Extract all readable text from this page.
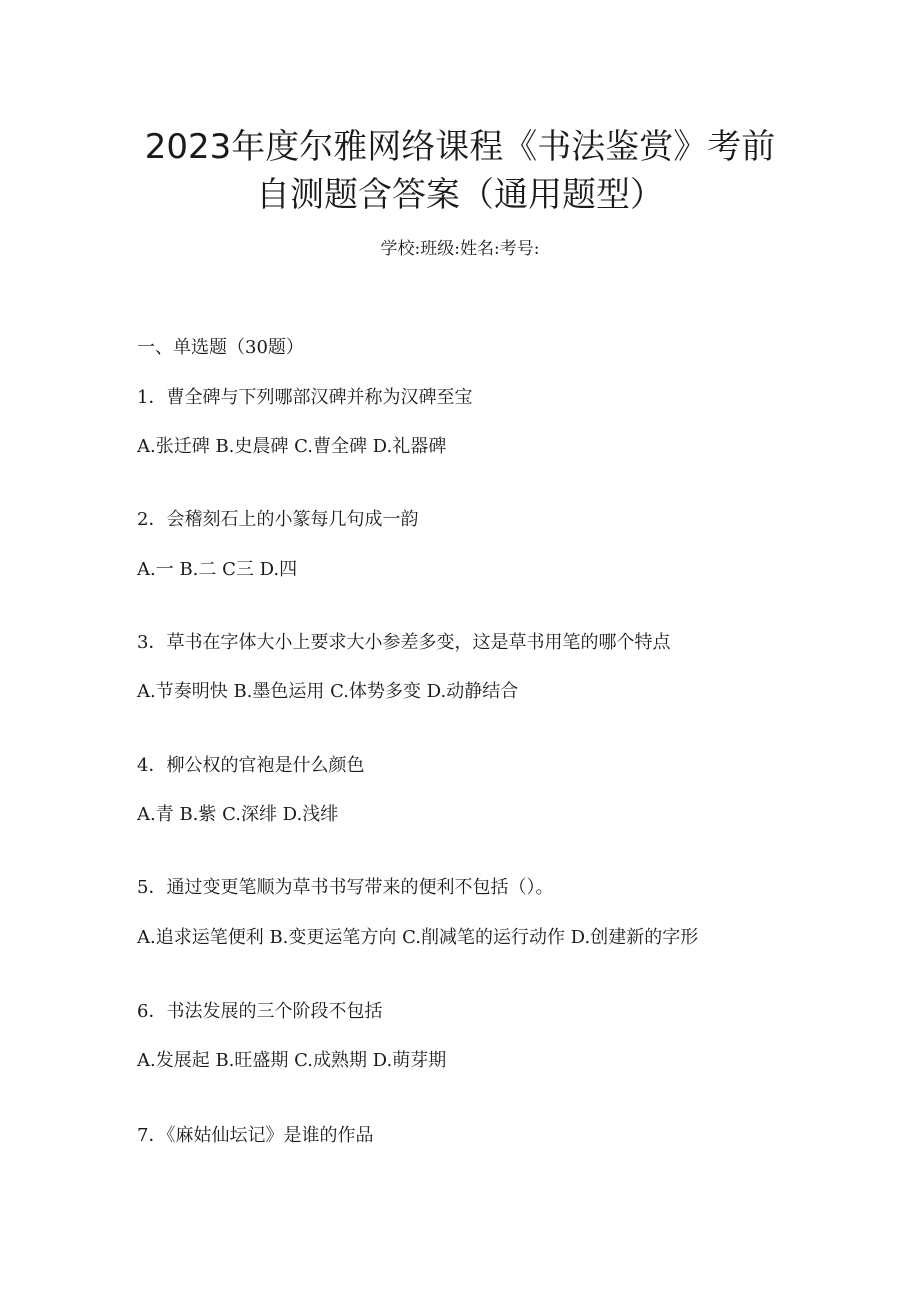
2023年度尔雅网络课程《书法鉴赏》考前
自测题含答案（通用题型）
学校:班级:姓名:考号:
一、单选题（30题）
1．曹全碑与下列哪部汉碑并称为汉碑至宝
A.张迁碑 B.史晨碑 C.曹全碑 D.礼器碑
2．会稽刻石上的小篆每几句成一韵
A.一 B.二 C三 D.四
3．草书在字体大小上要求大小参差多变，这是草书用笔的哪个特点
A.节奏明快 B.墨色运用 C.体势多变 D.动静结合
4．柳公权的官袍是什么颜色
A.青 B.紫 C.深绯 D.浅绯
5．通过变更笔顺为草书书写带来的便利不包括（）。
A.追求运笔便利 B.变更运笔方向 C.削减笔的运行动作 D.创建新的字形
6．书法发展的三个阶段不包括
A.发展起 B.旺盛期 C.成熟期 D.萌芽期
7．《麻姑仙坛记》是谁的作品
